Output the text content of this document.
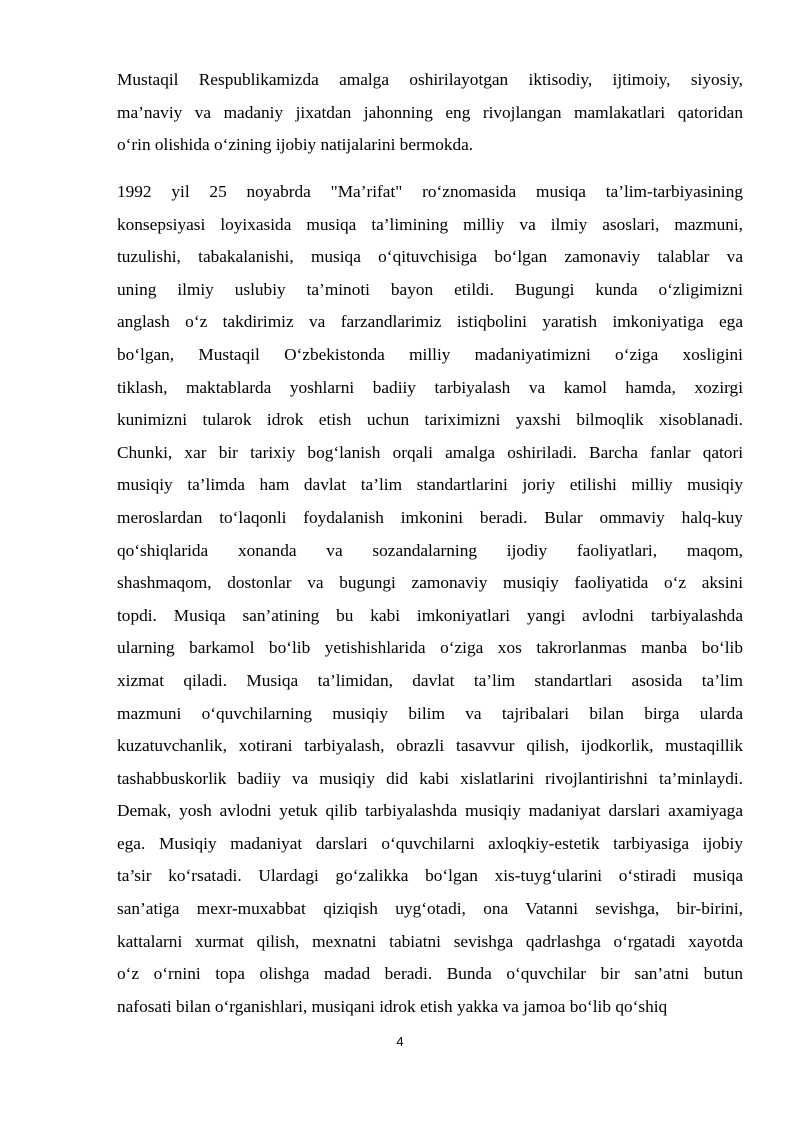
Mustaqil Respublikamizda amalga oshirilayotgan iktisodiy, ijtimoiy, siyosiy,
ma’naviy va madaniy jixatdan jahonning eng rivojlangan mamlakatlari qatoridan
o‘rin olishida o‘zining ijobiy natijalarini bermokda.
1992 yil 25 noyabrda "Ma’rifat" ro‘znomasida musiqa ta’lim-tarbiyasining
konsepsiyasi loyixasida musiqa ta’limining milliy va ilmiy asoslari, mazmuni,
tuzulishi, tabakalanishi, musiqa o‘qituvchisiga bo‘lgan zamonaviy talablar va
uning ilmiy uslubiy ta’minoti bayon etildi. Bugungi kunda o‘zligimizni
anglash o‘z takdirimiz va farzandlarimiz istiqbolini yaratish imkoniyatiga ega
bo‘lgan, Mustaqil O‘zbekistonda milliy madaniyatimizni o‘ziga xosligini
tiklash, maktablarda yoshlarni badiiy tarbiyalash va kamol hamda, xozirgi
kunimizni tularok idrok etish uchun tariximizni yaxshi bilmoqlik xisoblanadi.
Chunki, xar bir tarixiy bog‘lanish orqali amalga oshiriladi. Barcha fanlar qatori
musiqiy ta’limda ham davlat ta’lim standartlarini joriy etilishi milliy musiqiy
meroslardan to‘laqonli foydalanish imkonini beradi. Bular ommaviy halq-kuy
qo‘shiqlarida xonanda va sozandalarning ijodiy faoliyatlari, maqom,
shashmaqom, dostonlar va bugungi zamonaviy musiqiy faoliyatida o‘z aksini
topdi. Musiqa san’atining bu kabi imkoniyatlari yangi avlodni tarbiyalashda
ularning barkamol bo‘lib yetishishlarida o‘ziga xos takrorlanmas manba bo‘lib
xizmat qiladi. Musiqa ta’limidan, davlat ta’lim standartlari asosida ta’lim
mazmuni o‘quvchilarning musiqiy bilim va tajribalari bilan birga ularda
kuzatuvchanlik, xotirani tarbiyalash, obrazli tasavvur qilish, ijodkorlik, mustaqillik
tashabbuskorlik badiiy va musiqiy did kabi xislatlarini rivojlantirishni ta’minlaydi.
Demak, yosh avlodni yetuk qilib tarbiyalashda musiqiy madaniyat darslari axamiyaga
ega. Musiqiy madaniyat darslari o‘quvchilarni axloqkiy-estetik tarbiyasiga ijobiy
ta’sir ko‘rsatadi. Ulardagi go‘zalikka bo‘lgan xis-tuyg‘ularini o‘stiradi musiqa
san’atiga mexr-muxabbat qiziqish uyg‘otadi, ona Vatanni sevishga, bir-birini,
kattalarni xurmat qilish, mexnatni tabiatni sevishga qadrlashga o‘rgatadi xayotda
o‘z o‘rnini topa olishga madad beradi. Bunda o‘quvchilar bir san’atni butun
nafosati bilan o‘rganishlari, musiqani idrok etish yakka va jamoa bo‘lib qo‘shiq
4
